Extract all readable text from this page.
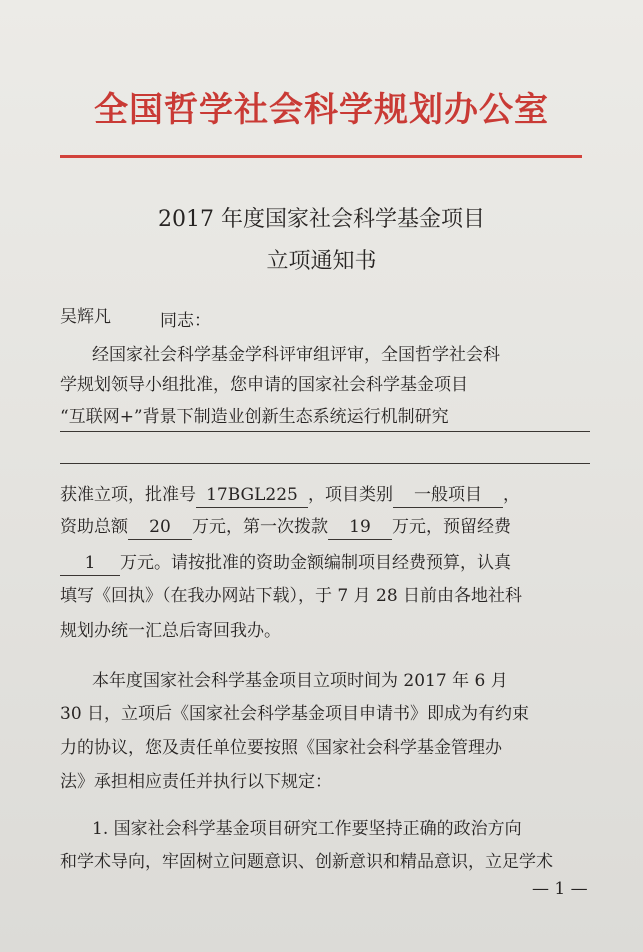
全国哲学社会科学规划办公室
2017 年度国家社会科学基金项目
立项通知书
吴辉凡	同志：
经国家社会科学基金学科评审组评审，全国哲学社会科
学规划领导小组批准，您申请的国家社会科学基金项目
“互联网+”背景下制造业创新生态系统运行机制研究
获准立项，批准号 17BGL225 ，项目类别 一般项目 ，
资助总额 20 万元，第一次拨款 19 万元，预留经费
1 万元。请按批准的资助金额编制项目经费预算，认真
填写《回执》（在我办网站下载），于 7 月 28 日前由各地社科
规划办统一汇总后寄回我办。
本年度国家社会科学基金项目立项时间为 2017 年 6 月
30 日，立项后《国家社会科学基金项目申请书》即成为有约束
力的协议，您及责任单位要按照《国家社会科学基金管理办
法》承担相应责任并执行以下规定：
1. 国家社会科学基金项目研究工作要坚持正确的政治方向
和学术导向，牢固树立问题意识、创新意识和精品意识，立足学术
— 1 —
